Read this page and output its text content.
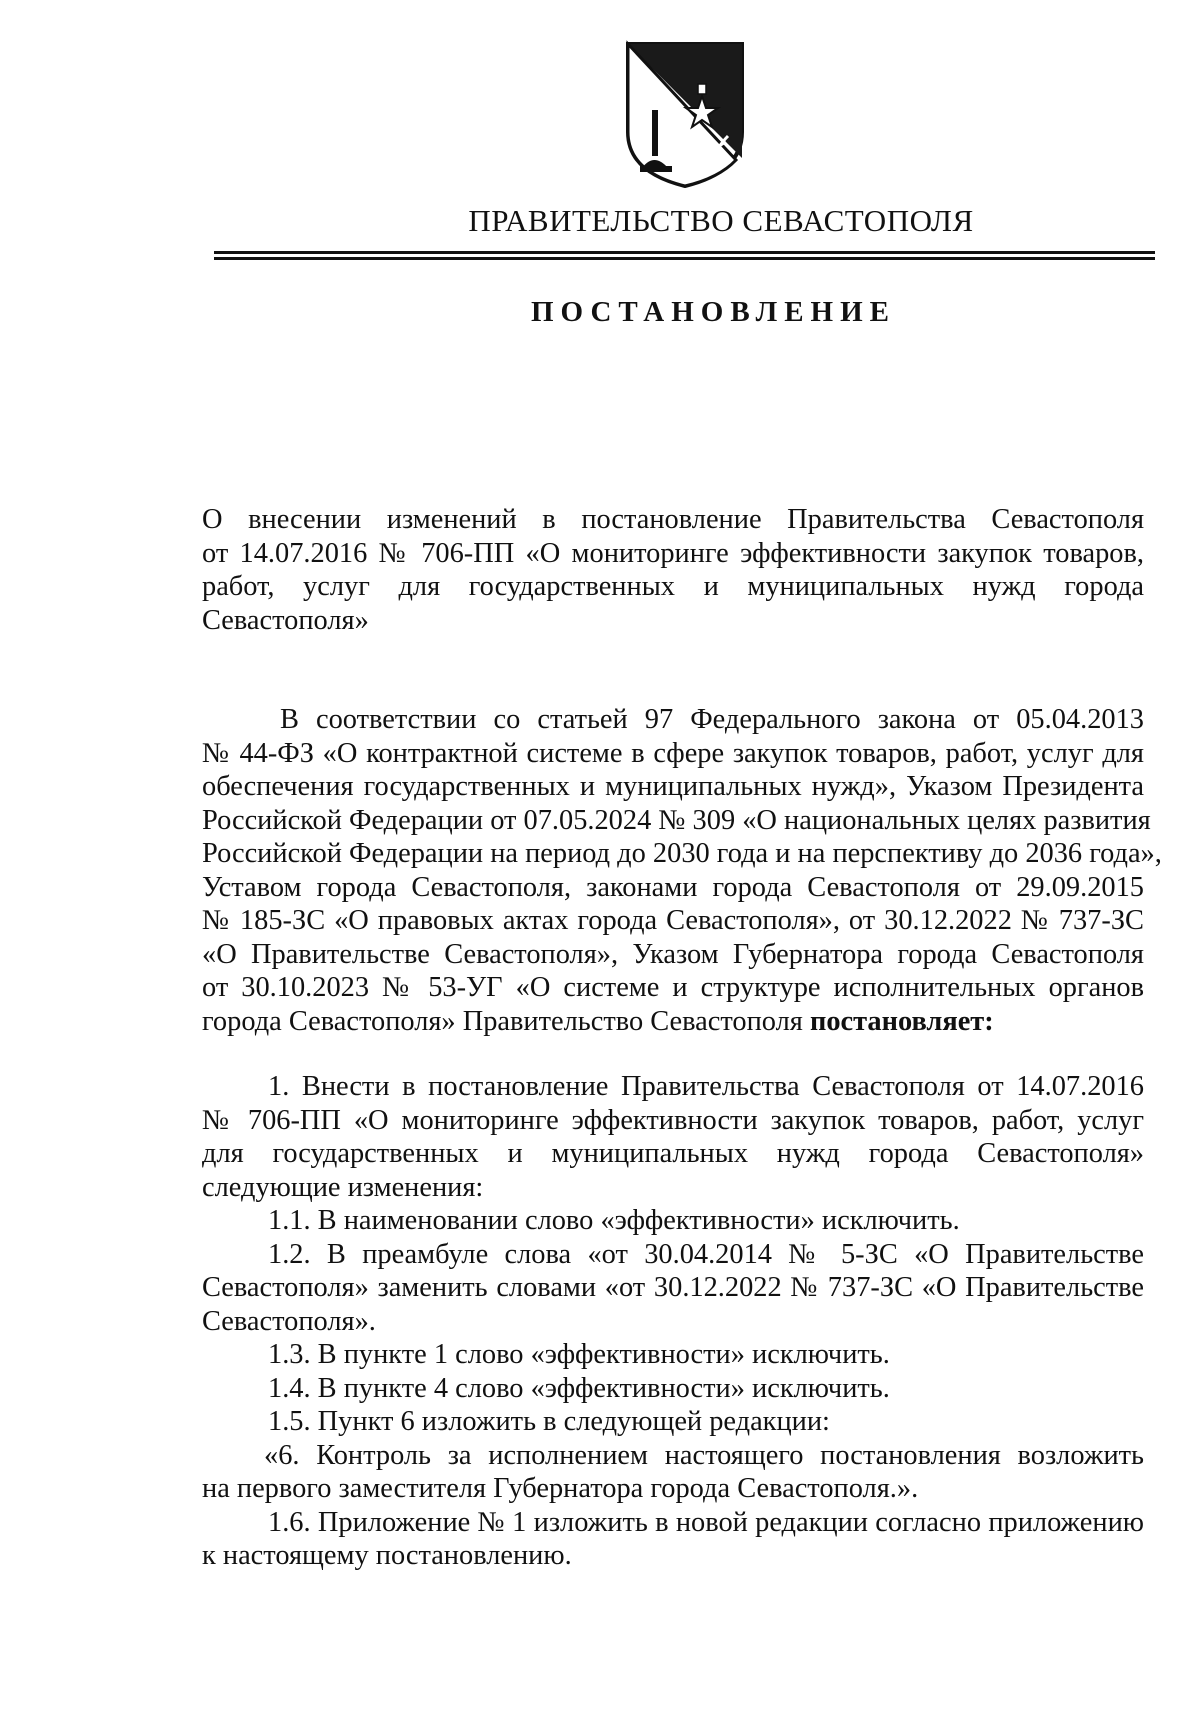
ПРАВИТЕЛЬСТВО СЕВАСТОПОЛЯ
ПОСТАНОВЛЕНИЕ
О внесении изменений в постановление Правительства Севастополя
от 14.07.2016 № 706-ПП «О мониторинге эффективности закупок товаров,
работ, услуг для государственных и муниципальных нужд города
Севастополя»
В соответствии со статьей 97 Федерального закона от 05.04.2013
№ 44-ФЗ «О контрактной системе в сфере закупок товаров, работ, услуг для
обеспечения государственных и муниципальных нужд», Указом Президента
Российской Федерации от 07.05.2024 № 309 «О национальных целях развития
Российской Федерации на период до 2030 года и на перспективу до 2036 года»,
Уставом города Севастополя, законами города Севастополя от 29.09.2015
№ 185-ЗС «О правовых актах города Севастополя», от 30.12.2022 № 737-ЗС
«О Правительстве Севастополя», Указом Губернатора города Севастополя
от 30.10.2023 № 53-УГ «О системе и структуре исполнительных органов
города Севастополя» Правительство Севастополя постановляет:
1. Внести в постановление Правительства Севастополя от 14.07.2016
№ 706-ПП «О мониторинге эффективности закупок товаров, работ, услуг
для государственных и муниципальных нужд города Севастополя»
следующие изменения:
1.1. В наименовании слово «эффективности» исключить.
1.2. В преамбуле слова «от 30.04.2014 № 5-ЗС «О Правительстве
Севастополя» заменить словами «от 30.12.2022 № 737-ЗС «О Правительстве
Севастополя».
1.3. В пункте 1 слово «эффективности» исключить.
1.4. В пункте 4 слово «эффективности» исключить.
1.5. Пункт 6 изложить в следующей редакции:
«6. Контроль за исполнением настоящего постановления возложить
на первого заместителя Губернатора города Севастополя.».
1.6. Приложение № 1 изложить в новой редакции согласно приложению
к настоящему постановлению.
